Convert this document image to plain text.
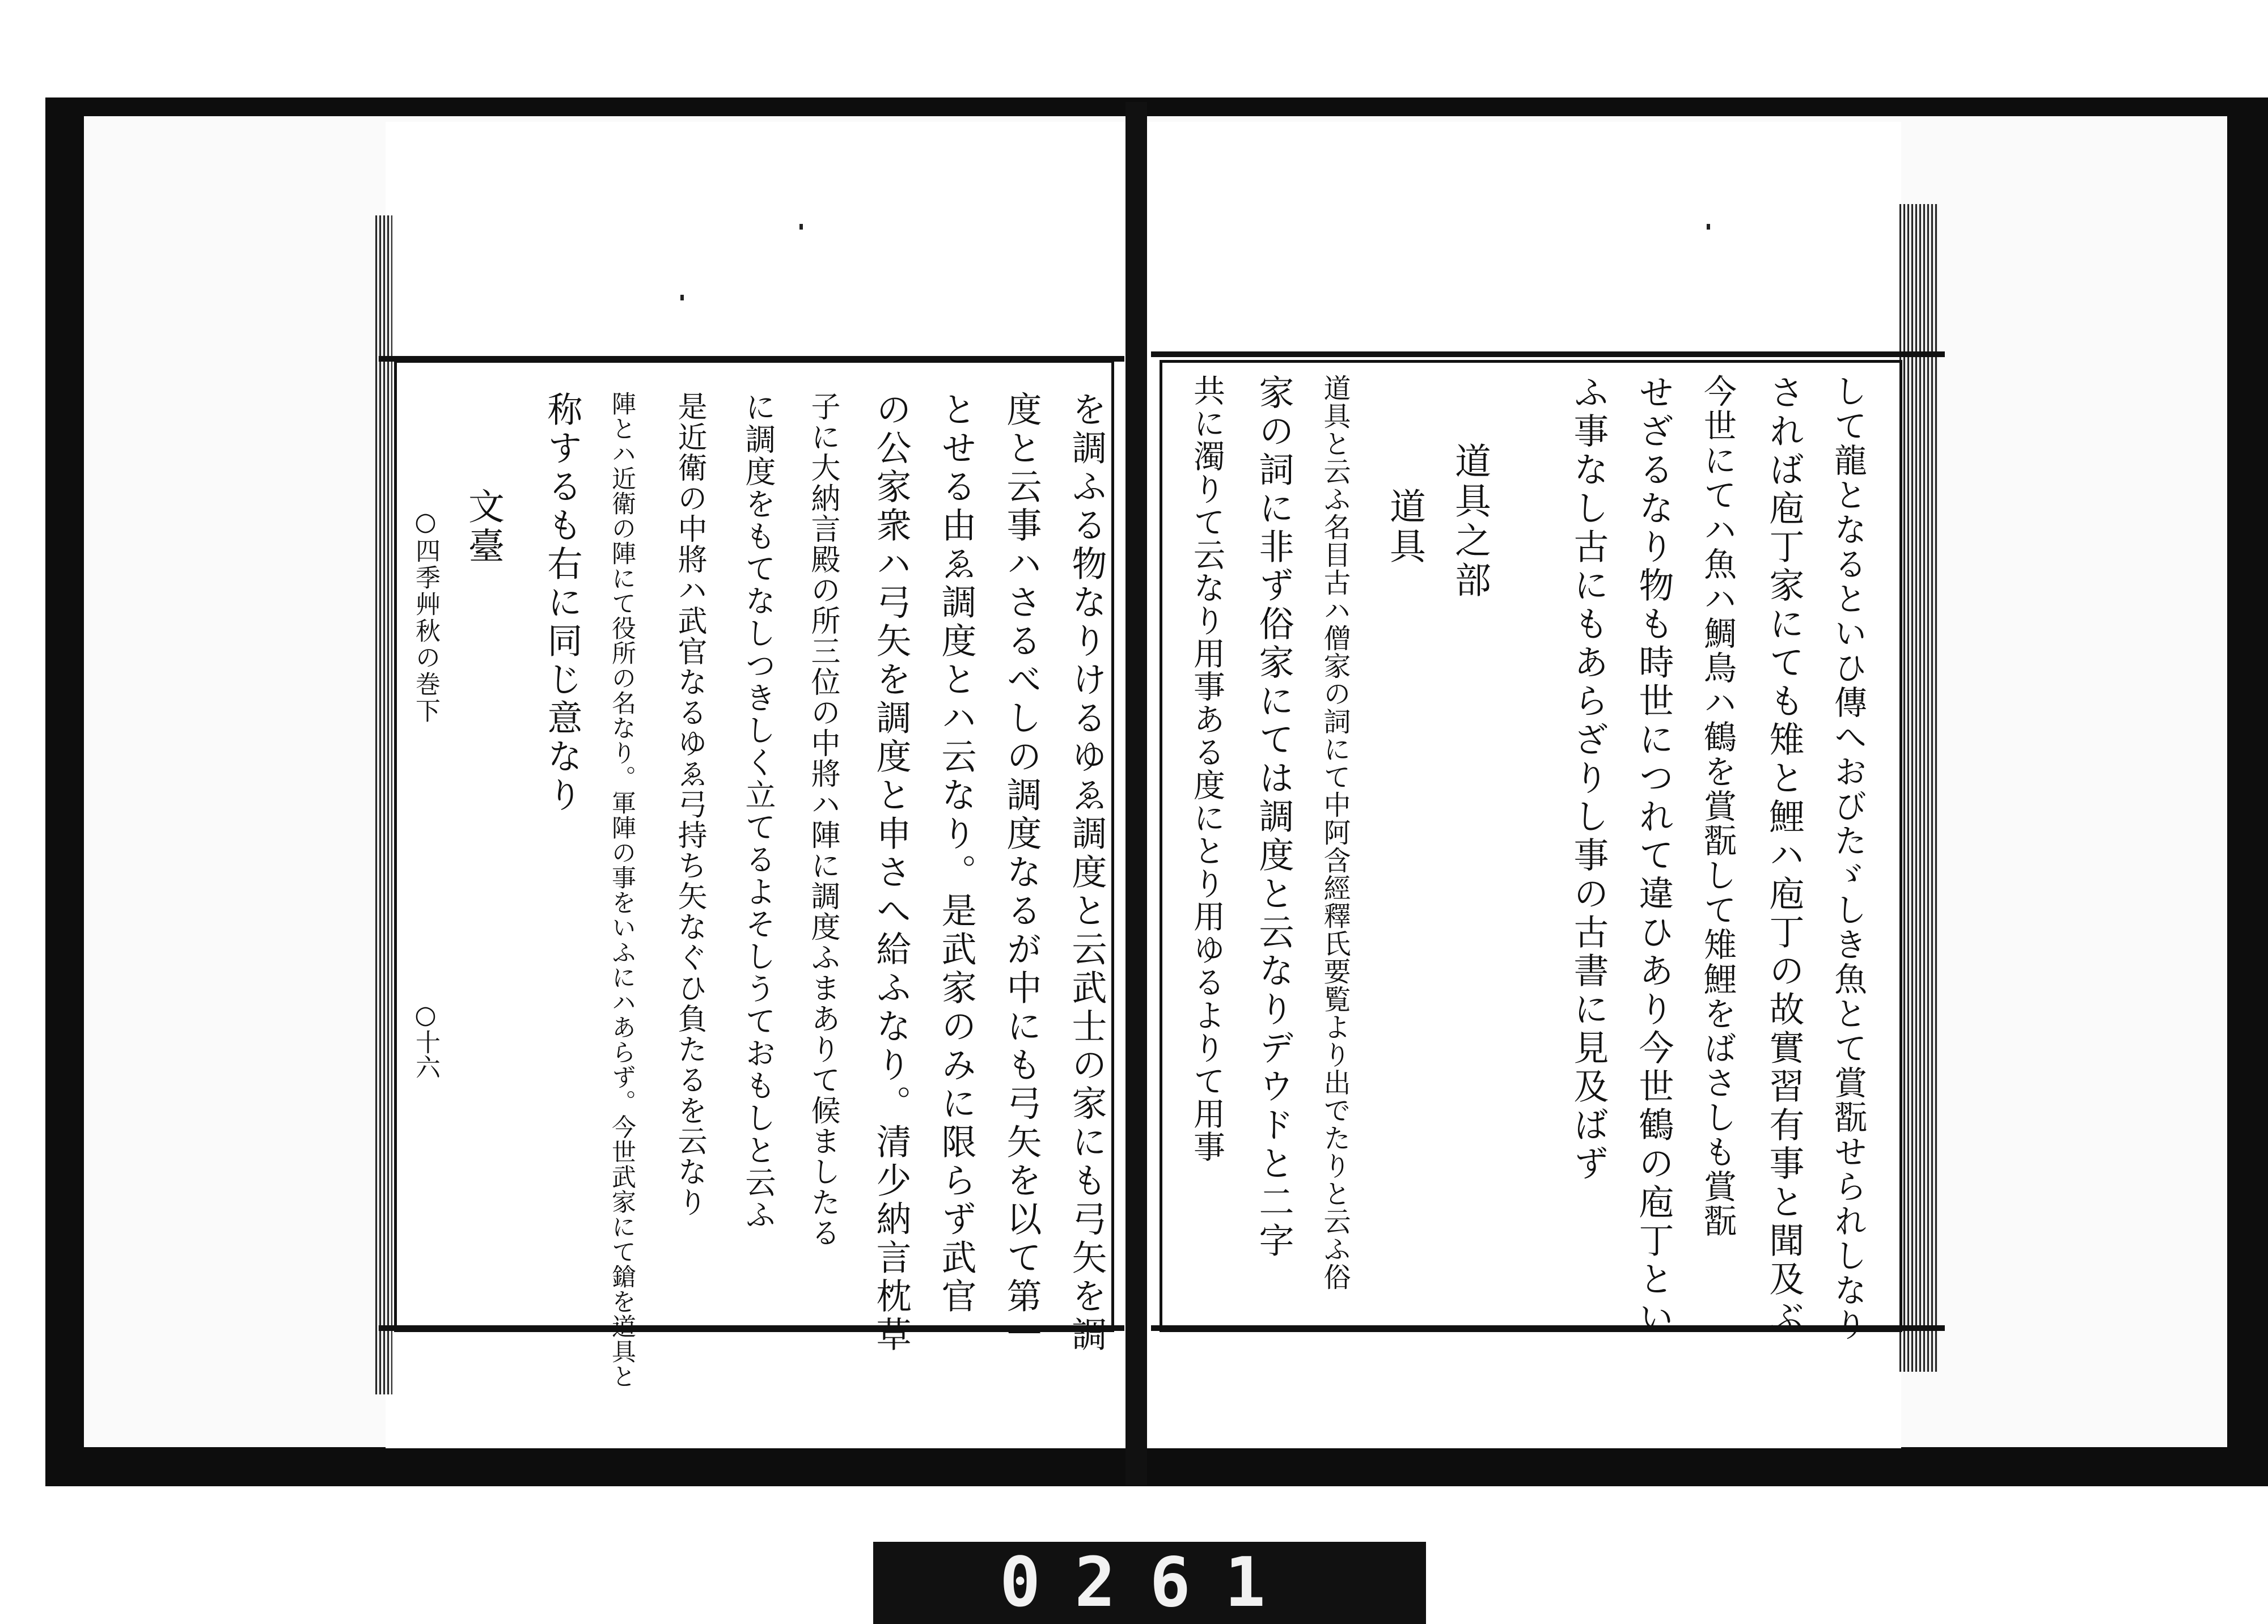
○四季艸秋の巻下
○十六	を調ふる物なりけるゆゑ調度と云武士の家にも弓矢を調
度と云事ハさるべしの調度なるが中にも弓矢を以て第一
とせる由ゑ調度とハ云なり。是武家のみに限らず武官
の公家衆ハ弓矢を調度と申さへ給ふなり。清少納言枕草
子に大納言殿の所三位の中將ハ陣に調度ふまありて候ましたる
に調度をもてなしつきしく立てるよそしうておもしと云ふ
是近衛の中將ハ武官なるゆゑ弓持ち矢なぐひ負たるを云なり
陣とハ近衛の陣にて役所の名なり。軍陣の事をいふにハあらず。今世武家にて鎗を道具と
称するも右に同じ意なり
文臺	して龍となるといひ傳へおびたゞしき魚とて賞翫せられしなり
されば庖丁家にても雉と鯉ハ庖丁の故實習有事と聞及ぶ
今世にてハ魚ハ鯛鳥ハ鶴を賞翫して雉鯉をばさしも賞翫
せざるなり物も時世につれて違ひあり今世鶴の庖丁とい
ふ事なし古にもあらざりし事の古書に見及ばず
道具之部
道具
道具と云ふ名目古ハ僧家の詞にて中阿含經釋氏要覧より出でたりと云ふ俗
家の詞に非ず俗家にては調度と云なりデウドと二字
共に濁りて云なり用事ある度にとり用ゆるよりて用事
0261
